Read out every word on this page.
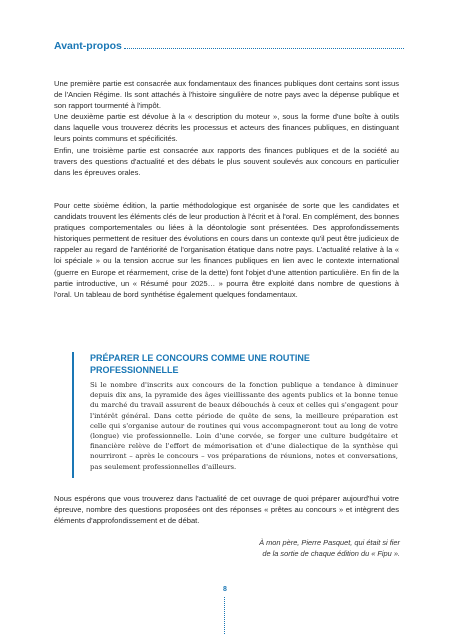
Avant-propos

Une première partie est consacrée aux fondamentaux des finances publiques dont certains sont issus de l'Ancien Régime. Ils sont attachés à l'histoire singulière de notre pays avec la dépense publique et son rapport tourmenté à l'impôt.

Une deuxième partie est dévolue à la « description du moteur », sous la forme d'une boîte à outils dans laquelle vous trouverez décrits les processus et acteurs des finances publiques, en distinguant leurs points communs et spécificités.

Enfin, une troisième partie est consacrée aux rapports des finances publiques et de la société au travers des questions d'actualité et des débats le plus souvent soulevés aux concours en particulier dans les épreuves orales.

Pour cette sixième édition, la partie méthodologique est organisée de sorte que les candidates et candidats trouvent les éléments clés de leur production à l'écrit et à l'oral. En complément, des bonnes pratiques comportementales ou liées à la déontologie sont présentées. Des approfondissements historiques permettent de resituer des évolutions en cours dans un contexte qu'il peut être judicieux de rappeler au regard de l'antériorité de l'organisation étatique dans notre pays. L'actualité relative à la « loi spéciale » ou la tension accrue sur les finances publiques en lien avec le contexte international (guerre en Europe et réarmement, crise de la dette) font l'objet d'une attention particulière. En fin de la partie introductive, un « Résumé pour 2025… » pourra être exploité dans nombre de questions à l'oral. Un tableau de bord synthétise également quelques fondamentaux.

PRÉPARER LE CONCOURS COMME UNE ROUTINE PROFESSIONNELLE

Si le nombre d'inscrits aux concours de la fonction publique a tendance à diminuer depuis dix ans, la pyramide des âges vieillissante des agents publics et la bonne tenue du marché du travail assurent de beaux débouchés à ceux et celles qui s'engagent pour l'intérêt général. Dans cette période de quête de sens, la meilleure préparation est celle qui s'organise autour de routines qui vous accompagneront tout au long de votre (longue) vie professionnelle. Loin d'une corvée, se forger une culture budgétaire et financière relève de l'effort de mémorisation et d'une dialectique de la synthèse qui nourriront – après le concours – vos préparations de réunions, notes et conversations, pas seulement professionnelles d'ailleurs.

Nous espérons que vous trouverez dans l'actualité de cet ouvrage de quoi préparer aujourd'hui votre épreuve, nombre des questions proposées ont des réponses « prêtes au concours » et intègrent des éléments d'approfondissement et de débat.

À mon père, Pierre Pasquet, qui était si fier
de la sortie de chaque édition du « Fipu ».
8
